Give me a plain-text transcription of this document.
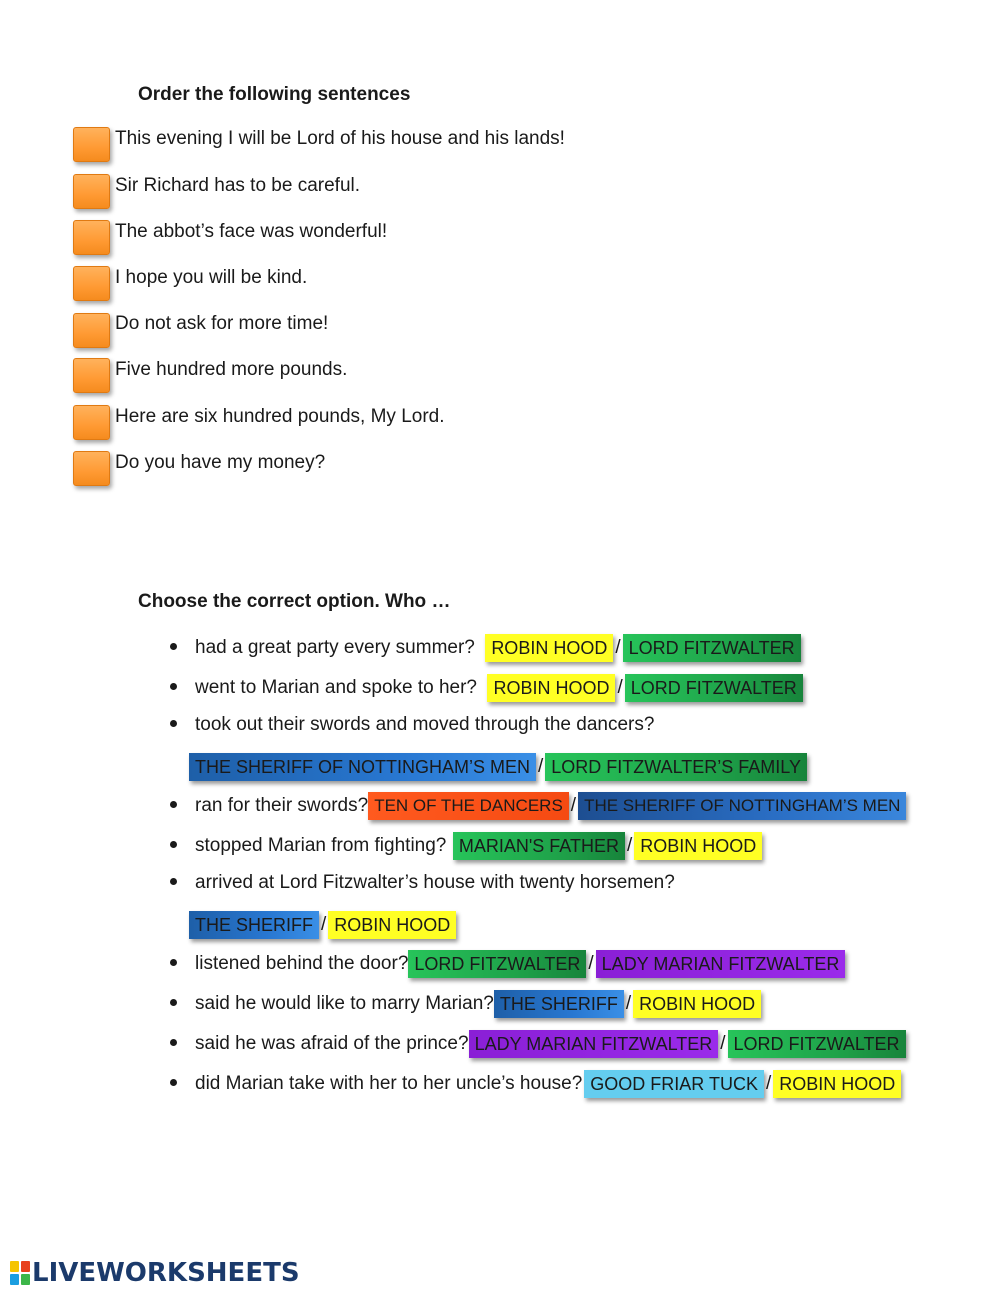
Order the following sentences
This evening I will be Lord of his house and his lands!
Sir Richard has to be careful.
The abbot’s face was wonderful!
I hope you will be kind.
Do not ask for more time!
Five hundred more pounds.
Here are six hundred pounds, My Lord.
Do you have my money?
Choose the correct option. Who …
had a great party every summer? ROBIN HOOD / LORD FITZWALTER
went to Marian and spoke to her? ROBIN HOOD / LORD FITZWALTER
took out their swords and moved through the dancers?
THE SHERIFF OF NOTTINGHAM’S MEN / LORD FITZWALTER’S FAMILY
ran for their swords? TEN OF THE DANCERS / THE SHERIFF OF NOTTINGHAM’S MEN
stopped Marian from fighting? MARIAN'S FATHER / ROBIN HOOD
arrived at Lord Fitzwalter’s house with twenty horsemen?
THE SHERIFF / ROBIN HOOD
listened behind the door? LORD FITZWALTER / LADY MARIAN FITZWALTER
said he would like to marry Marian? THE SHERIFF / ROBIN HOOD
said he was afraid of the prince? LADY MARIAN FITZWALTER / LORD FITZWALTER
did Marian take with her to her uncle’s house? GOOD FRIAR TUCK / ROBIN HOOD
LIVEWORKSHEETS
